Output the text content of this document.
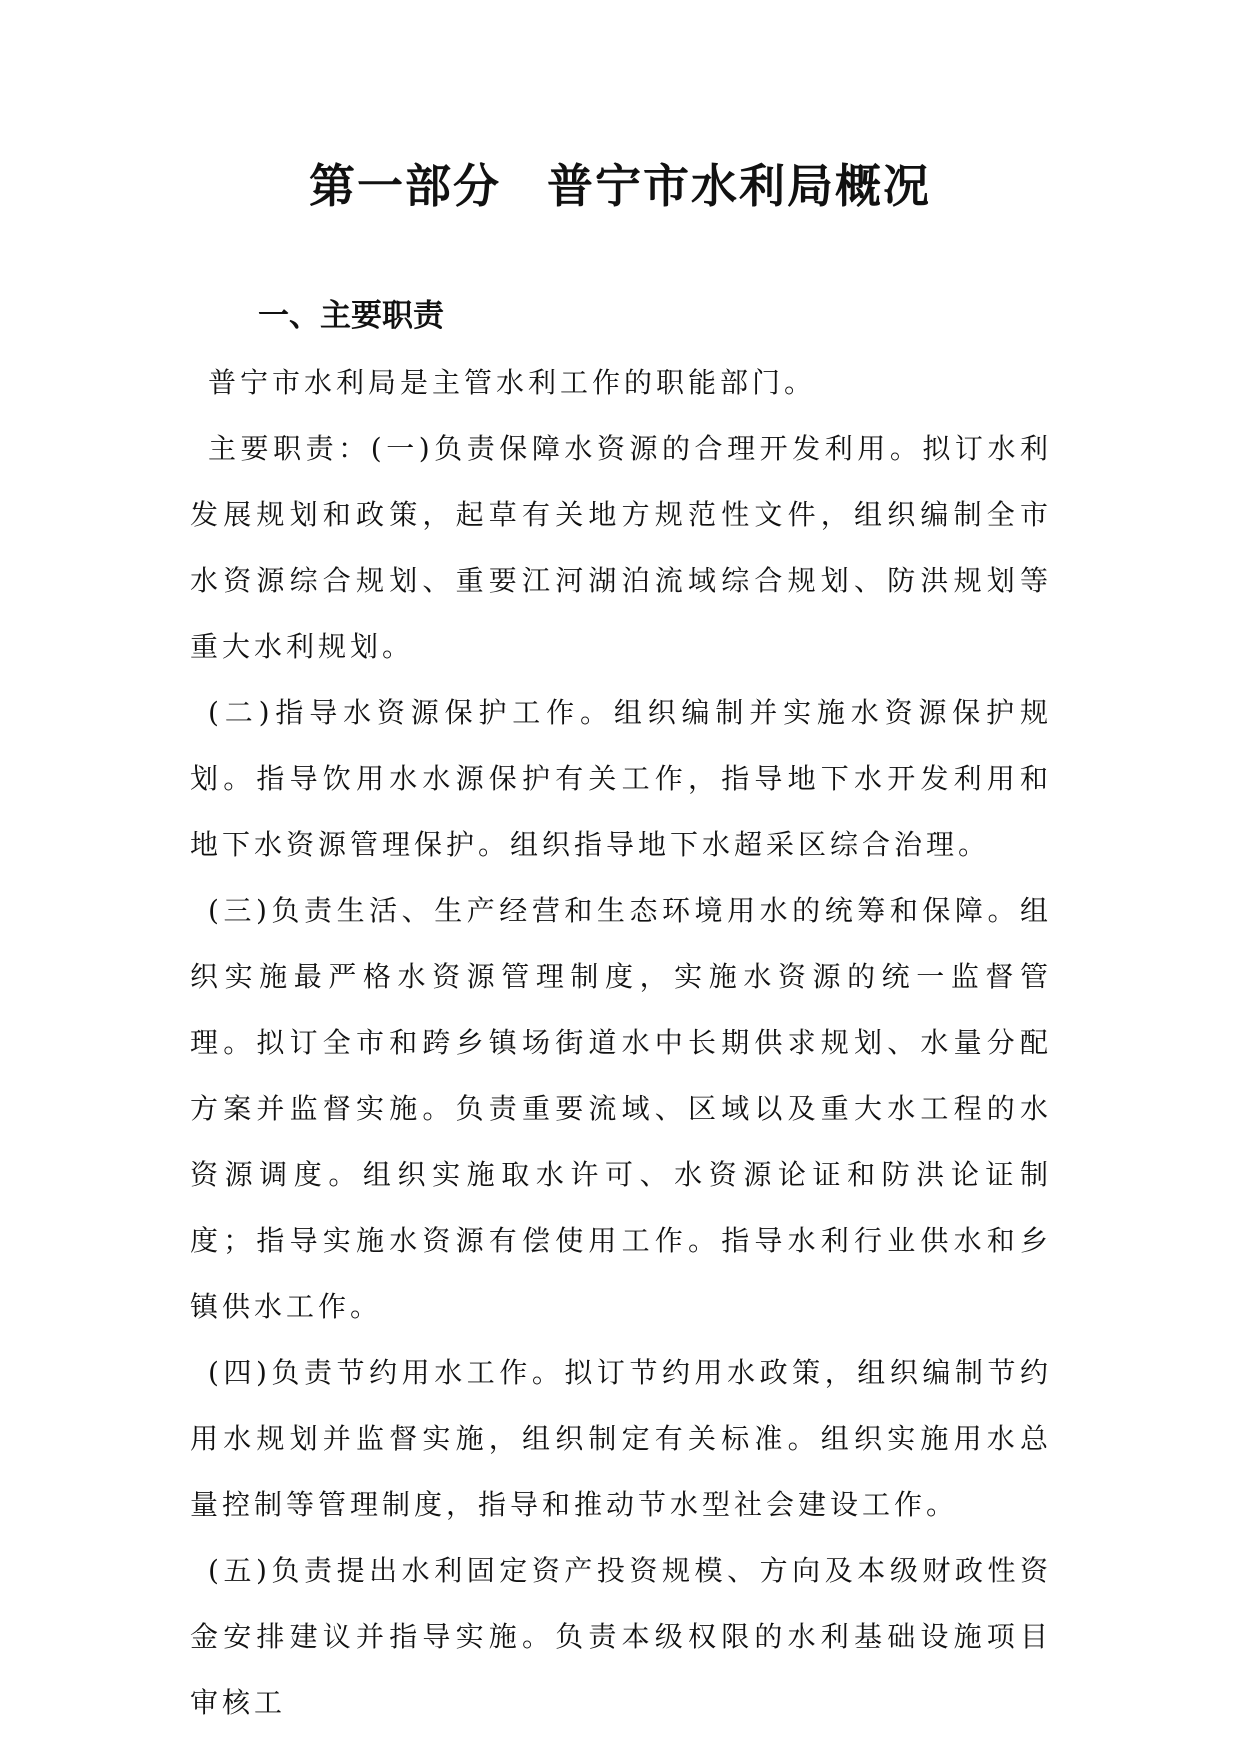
第一部分 普宁市水利局概况
一、主要职责

普宁市水利局是主管水利工作的职能部门。

主要职责：(一)负责保障水资源的合理开发利用。拟订水利发展规划和政策，起草有关地方规范性文件，组织编制全市水资源综合规划、重要江河湖泊流域综合规划、防洪规划等重大水利规划。

(二)指导水资源保护工作。组织编制并实施水资源保护规划。指导饮用水水源保护有关工作，指导地下水开发利用和地下水资源管理保护。组织指导地下水超采区综合治理。

(三)负责生活、生产经营和生态环境用水的统筹和保障。组织实施最严格水资源管理制度，实施水资源的统一监督管理。拟订全市和跨乡镇场街道水中长期供求规划、水量分配方案并监督实施。负责重要流域、区域以及重大水工程的水资源调度。组织实施取水许可、水资源论证和防洪论证制度；指导实施水资源有偿使用工作。指导水利行业供水和乡镇供水工作。

(四)负责节约用水工作。拟订节约用水政策，组织编制节约用水规划并监督实施，组织制定有关标准。组织实施用水总量控制等管理制度，指导和推动节水型社会建设工作。

(五)负责提出水利固定资产投资规模、方向及本级财政性资金安排建议并指导实施。负责本级权限的水利基础设施项目审核工
